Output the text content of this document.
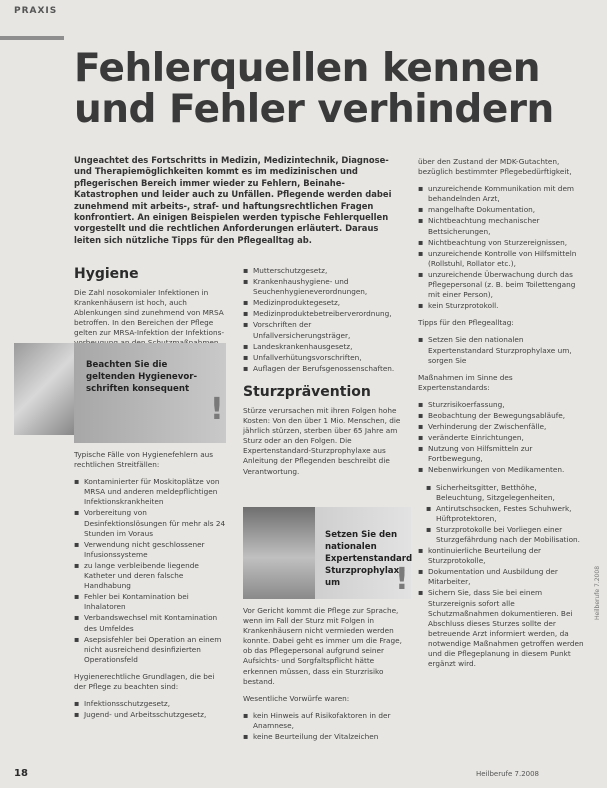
PRAXIS
Fehlerquellen kennen
und Fehler verhindern

Ungeachtet des Fortschritts in Medizin, Medizintechnik, Diagnose- und Therapiemöglichkeiten kommt es im medizinischen und pflegerischen Bereich immer wieder zu Fehlern, Beinahe-Katastrophen und leider auch zu Unfällen. Pflegende werden dabei zunehmend mit arbeits-, straf- und haftungsrechtlichen Fragen konfrontiert. An einigen Beispielen werden typische Fehlerquellen vorgestellt und die rechtlichen Anforderungen erläutert. Daraus leiten sich nützliche Tipps für den Pflegealltag ab.

Hygiene

Die Zahl nosokomialer Infektionen in Krankenhäusern ist hoch, auch Ablenkungen sind zunehmend von MRSA betroffen. In den Bereichen der Pflege gelten zur MRSA-Infektion der Infektions

Beachten Sie die geltenden Hygienevorschriften konsequent
!

Typische Fälle von Hygienefehlern aus rechtlichen Streitfällen:

▪ Kontaminierter für Moskitoplätze von MRSA und anderen meldepflichtigen Infektionskrankheiten
▪ Vorbereitung von Desinfektionslösungen für mehr als 24 Stunden im Voraus
▪ Verwendung nicht geschlossener Infusionssysteme
▪ zu lange verbleibende liegende Katheter und deren falsche Handhabung
▪ Fehler bei Kontamination bei Inhalatoren
▪ Verbandswechsel mit Kontamination des Umfeldes
▪ Asepsisfehler bei Operation an einem nicht ausreichend desinfizierten Operationsfeld

Hygienerechtliche Grundlagen, die bei der Pflege zu beachten sind:

▪ Infektionsschutzgesetz,
▪ Jugend- und Arbeitsschutzgesetz,
▪ Mutterschutzgesetz,
▪ Krankenhaushygiene- und Seuchenhygieneverordnungen,
▪ Medizinproduktegesetz,
▪ Medizinproduktebetreiberverordnung,
▪ Vorschriften der Unfallversicherungsträger,
▪ Landeskrankenhausgesetz,
▪ Unfallverhütungsvorschriften,
▪ Auflagen der Berufsgenossenschaften.
Sturzprävention

Stürze verursachen mit ihren Folgen hohe Kosten: Von den über 1 Mio. Menschen, die jährlich stürzen, sterben über 65 Jahre am Sturz oder an den Folgen. Die Expertenstandard-Sturzprophylaxe aus Anleitung der Pflegenden beschreibt die Verantwortung.

Setzen Sie den nationalen Expertenstandard Sturzprophylaxe um	!

Vor Gericht kommt die Pflege zur Sprache, wenn im Fall der Sturz mit Folgen in Krankenhäusern nicht vermieden werden konnte. Dabei geht es immer um die Frage, ob das Pflegepersonal aufgrund seiner Aufsichts- und Sorgfaltspflicht hätte erkennen müssen, dass ein Sturzrisiko bestand.

Wesentliche Vorwürfe waren:

▪ kein Hinweis auf Risikofaktoren in der Anamnese,
▪ keine Beurteilung der Vitalzeichen

über den Zustand der MDK-Gutachten, bezüglich bestimmter Pflegebedürftigkeit,

▪ unzureichende Kommunikation mit dem behandelnden Arzt,
▪ mangelhafte Dokumentation,
▪ Nichtbeachtung mechanischer Bettsicherungen,
▪ Nichtbeachtung von Sturzereignissen,
▪ unzureichende Kontrolle von Hilfsmitteln (Rollstuhl, Rollator etc.),
▪ unzureichende Überwachung durch das Pflegepersonal (z. B. beim Toilettengang mit einer Person),
▪ kein Sturzprotokoll.

Tipps für den Pflegealltag:

▪ Setzen Sie den nationalen Expertenstandard Sturzprophylaxe um, sorgen Sie

Maßnahmen im Sinne des Expertenstandards:

▪ Sturzrisikoerfassung,
▪ Beobachtung der Bewegungsabläufe,
▪ Verhinderung der Zwischenfälle,
▪ veränderte Einrichtungen,
▪ Nutzung von Hilfsmitteln zur Fortbewegung,
▪ Nebenwirkungen von Medikamenten.
▪ Sicherheitsgitter, Betthöhe, Beleuchtung, Sitzgelegenheiten,
▪ Antirutschsocken, Festes Schuhwerk, Hüftprotektoren,
▪ Sturzprotokolle bei Vorliegen einer Sturzgefährdung nach der Mobilisation.
▪ kontinuierliche Beurteilung der Sturzprotokolle,
▪ Dokumentation und Ausbildung der Mitarbeiter,
▪ Sichern Sie, dass Sie bei einem Sturzereignis sofort alle Schutzmaßnahmen dokumentieren. Bei Abschluss dieses Sturzes sollte der betreuende Arzt informiert werden, da notwendige Maßnahmen getroffen werden und die Pflegeplanung in diesem Punkt ergänzt wird.
18	Heilberufe 7.2008
Heilberufe 7.2008
